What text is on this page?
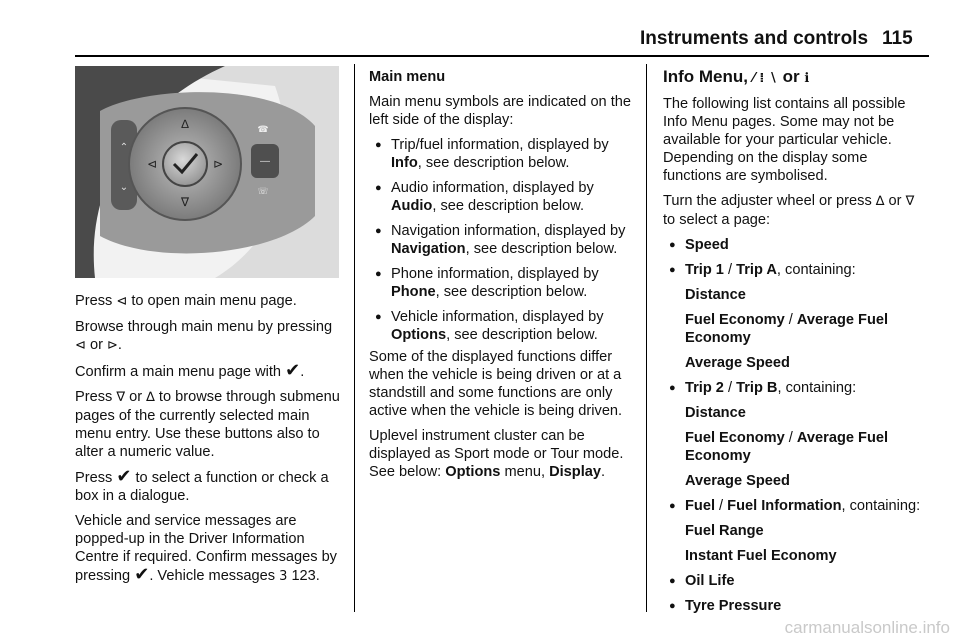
Instruments and controls 115
⌃
⌄
∆
∇
⊲	⊳	—
☎
☏

Press ⊲ to open main menu page.

Browse through main menu by pressing ⊲ or ⊳.

Confirm a main menu page with ✔.

Press ∇ or ∆ to browse through submenu pages of the currently selected main menu entry. Use these buttons also to alter a numeric value.

Press ✔ to select a function or check a box in a dialogue.

Vehicle and service messages are popped-up in the Driver Information Centre if required. Confirm messages by pressing ✔. Vehicle messages 3 123.

Main menu

Main menu symbols are indicated on the left side of the display:

● Trip/fuel information, displayed by Info, see description below.
● Audio information, displayed by Audio, see description below.
● Navigation information, displayed by Navigation, see description below.
● Phone information, displayed by Phone, see description below.
● Vehicle information, displayed by Options, see description below.

Some of the displayed functions differ when the vehicle is being driven or at a standstill and some functions are only active when the vehicle is being driven.

Uplevel instrument cluster can be displayed as Sport mode or Tour mode. See below: Options menu, Display.

Info Menu, ⁄ ⁞ ∖ or ℹ

The following list contains all possible Info Menu pages. Some may not be available for your particular vehicle. Depending on the display some functions are symbolised.

Turn the adjuster wheel or press ∆ or ∇ to select a page:

● Speed
● Trip 1 / Trip A, containing:
Distance
Fuel Economy / Average Fuel Economy
Average Speed
● Trip 2 / Trip B, containing:
Distance
Fuel Economy / Average Fuel Economy
Average Speed
● Fuel / Fuel Information, containing:
Fuel Range
Instant Fuel Economy
● Oil Life
● Tyre Pressure
carmanualsonline.info
